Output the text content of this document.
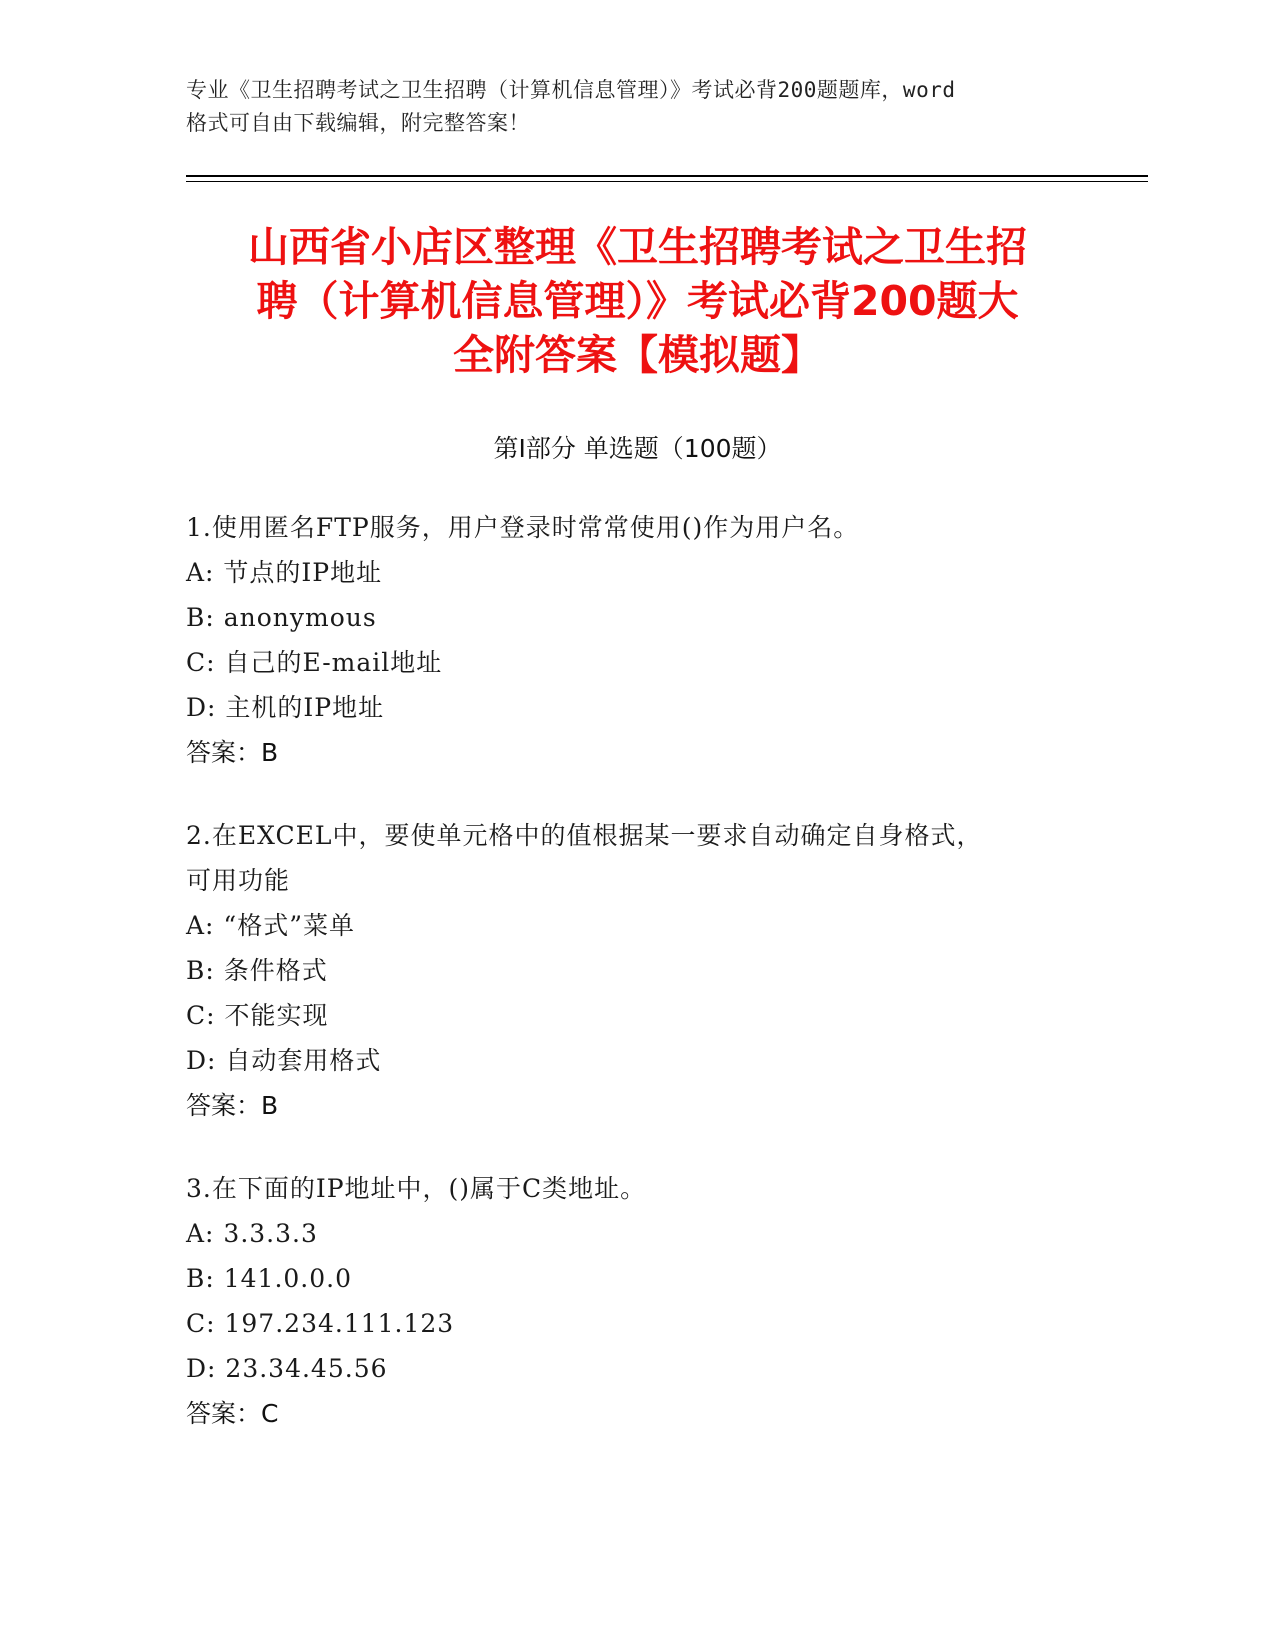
专业《卫生招聘考试之卫生招聘（计算机信息管理）》考试必背200题题库，word
格式可自由下载编辑，附完整答案！
山西省小店区整理《卫生招聘考试之卫生招
聘（计算机信息管理）》考试必背200题大
全附答案【模拟题】
第I部分 单选题（100题）
1.使用匿名FTP服务，用户登录时常常使用()作为用户名。
A: 节点的IP地址
B: anonymous
C: 自己的E-mail地址
D: 主机的IP地址
答案：B
2.在EXCEL中，要使单元格中的值根据某一要求自动确定自身格式，
可用功能
A: “格式”菜单
B: 条件格式
C: 不能实现
D: 自动套用格式
答案：B
3.在下面的IP地址中，()属于C类地址。
A: 3.3.3.3
B: 141.0.0.0
C: 197.234.111.123
D: 23.34.45.56
答案：C
